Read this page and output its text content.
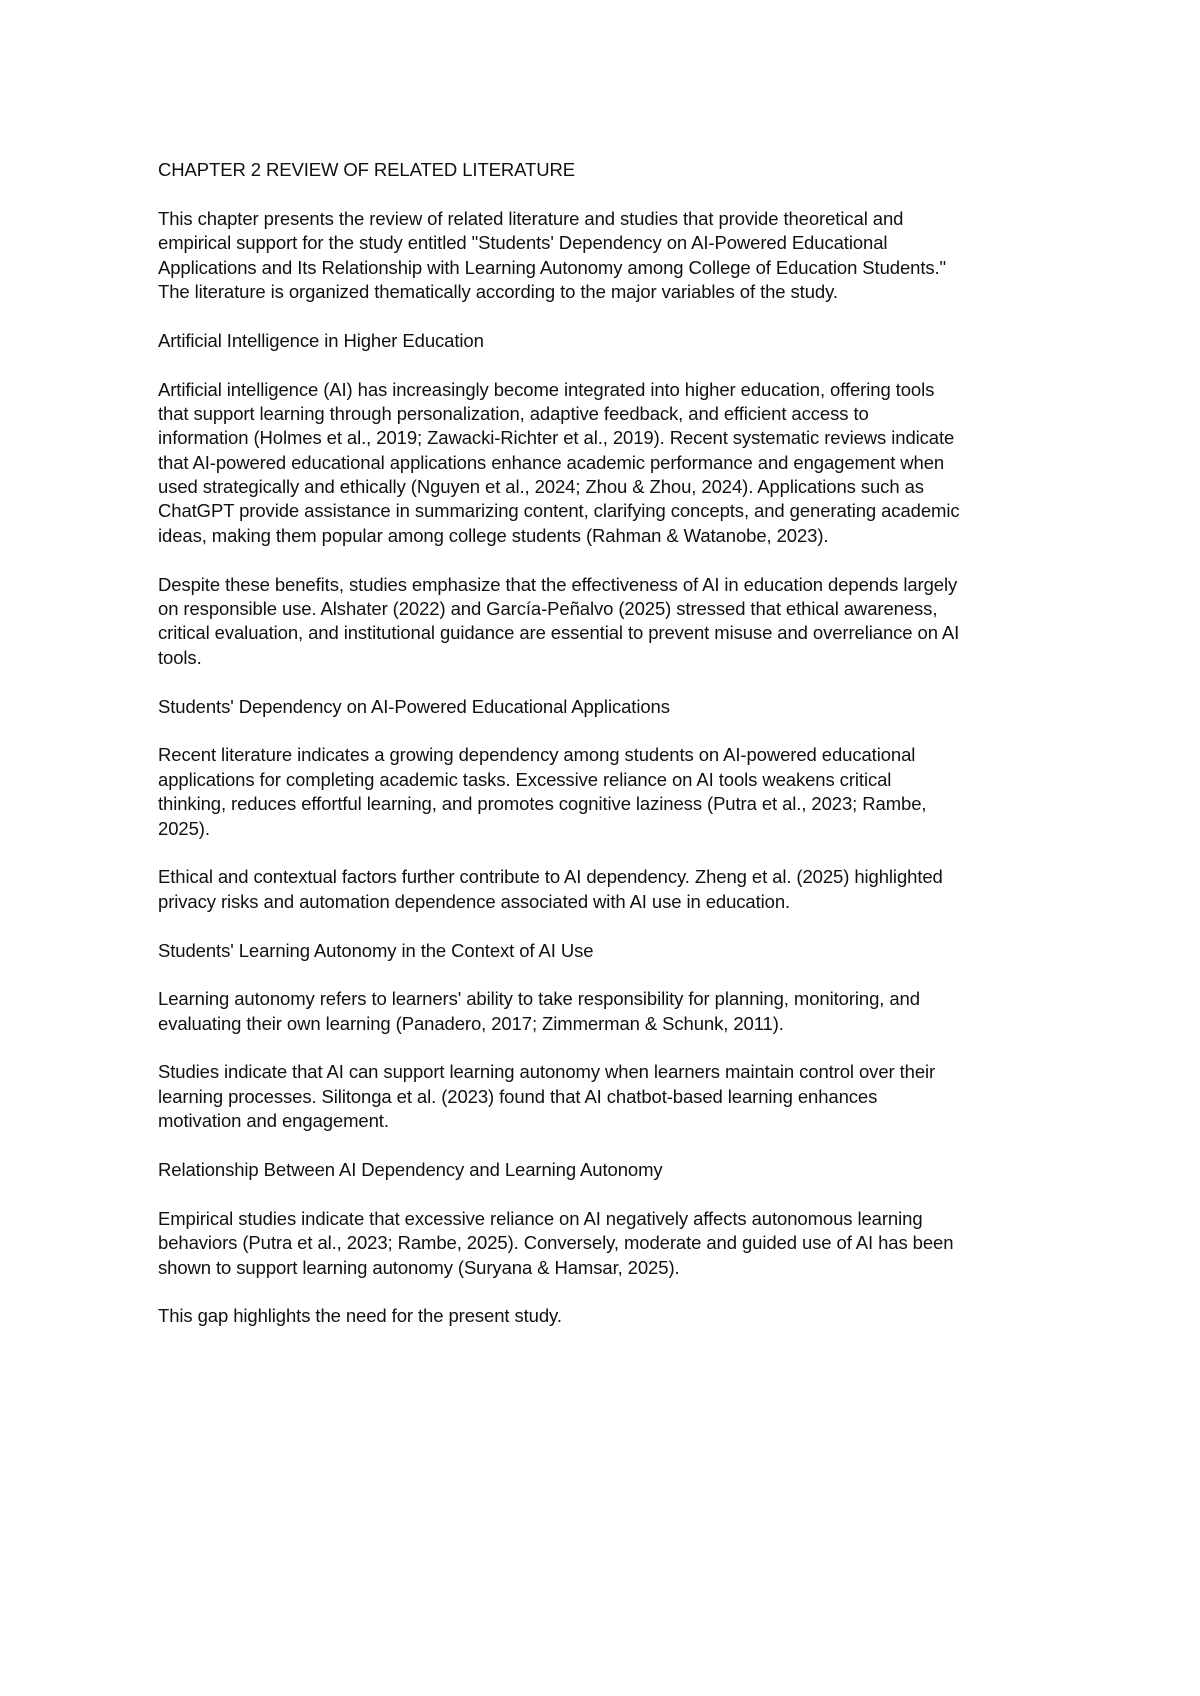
CHAPTER 2 REVIEW OF RELATED LITERATURE
This chapter presents the review of related literature and studies that provide theoretical and
empirical support for the study entitled "Students' Dependency on AI-Powered Educational
Applications and Its Relationship with Learning Autonomy among College of Education Students."
The literature is organized thematically according to the major variables of the study.
Artificial Intelligence in Higher Education
Artificial intelligence (AI) has increasingly become integrated into higher education, offering tools
that support learning through personalization, adaptive feedback, and efficient access to
information (Holmes et al., 2019; Zawacki-Richter et al., 2019). Recent systematic reviews indicate
that AI-powered educational applications enhance academic performance and engagement when
used strategically and ethically (Nguyen et al., 2024; Zhou & Zhou, 2024). Applications such as
ChatGPT provide assistance in summarizing content, clarifying concepts, and generating academic
ideas, making them popular among college students (Rahman & Watanobe, 2023).
Despite these benefits, studies emphasize that the effectiveness of AI in education depends largely
on responsible use. Alshater (2022) and García-Peñalvo (2025) stressed that ethical awareness,
critical evaluation, and institutional guidance are essential to prevent misuse and overreliance on AI
tools.
Students' Dependency on AI-Powered Educational Applications
Recent literature indicates a growing dependency among students on AI-powered educational
applications for completing academic tasks. Excessive reliance on AI tools weakens critical
thinking, reduces effortful learning, and promotes cognitive laziness (Putra et al., 2023; Rambe,
2025).
Ethical and contextual factors further contribute to AI dependency. Zheng et al. (2025) highlighted
privacy risks and automation dependence associated with AI use in education.
Students' Learning Autonomy in the Context of AI Use
Learning autonomy refers to learners' ability to take responsibility for planning, monitoring, and
evaluating their own learning (Panadero, 2017; Zimmerman & Schunk, 2011).
Studies indicate that AI can support learning autonomy when learners maintain control over their
learning processes. Silitonga et al. (2023) found that AI chatbot-based learning enhances
motivation and engagement.
Relationship Between AI Dependency and Learning Autonomy
Empirical studies indicate that excessive reliance on AI negatively affects autonomous learning
behaviors (Putra et al., 2023; Rambe, 2025). Conversely, moderate and guided use of AI has been
shown to support learning autonomy (Suryana & Hamsar, 2025).
This gap highlights the need for the present study.
